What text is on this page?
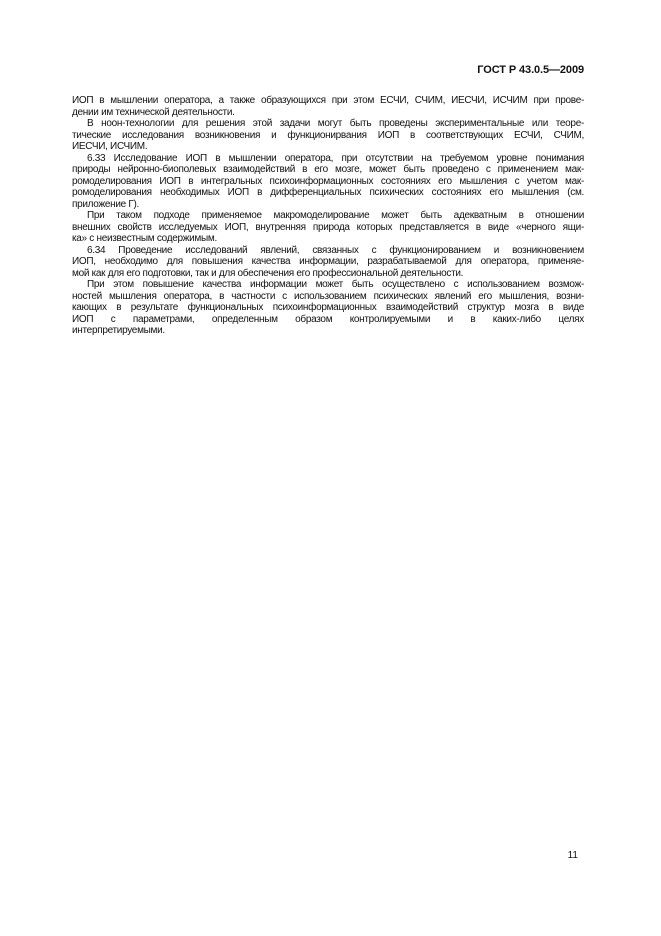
ГОСТ Р 43.0.5—2009
ИОП в мышлении оператора, а также образующихся при этом ЕСЧИ, СЧИМ, ИЕСЧИ, ИСЧИМ при прове-
дении им технической деятельности.
В ноон-технологии для решения этой задачи могут быть проведены экспериментальные или теоре-
тические исследования возникновения и функционирвания ИОП в соответствующих ЕСЧИ, СЧИМ,
ИЕСЧИ, ИСЧИМ.
6.33 Исследование ИОП в мышлении оператора, при отсутствии на требуемом уровне понимания
природы нейронно-биополевых взаимодействий в его мозге, может быть проведено с применением мак-
ромоделирования ИОП в интегральных психоинформационных состояниях его мышления с учетом мак-
ромоделирования необходимых ИОП в дифференциальных психических состояниях его мышления (см.
приложение Г).
При таком подходе применяемое макромоделирование может быть адекватным в отношении
внешних свойств исследуемых ИОП, внутренняя природа которых представляется в виде «черного ящи-
ка» с неизвестным содержимым.
6.34 Проведение исследований явлений, связанных с функционированием и возникновением
ИОП, необходимо для повышения качества информации, разрабатываемой для оператора, применяе-
мой как для его подготовки, так и для обеспечения его профессиональной деятельности.
При этом повышение качества информации может быть осуществлено с использованием возмож-
ностей мышления оператора, в частности с использованием психических явлений его мышления, возни-
кающих в результате функциональных психоинформационных взаимодействий структур мозга в виде
ИОП с параметрами, определенным образом контролируемыми и в каких-либо целях
интерпретируемыми.
11
